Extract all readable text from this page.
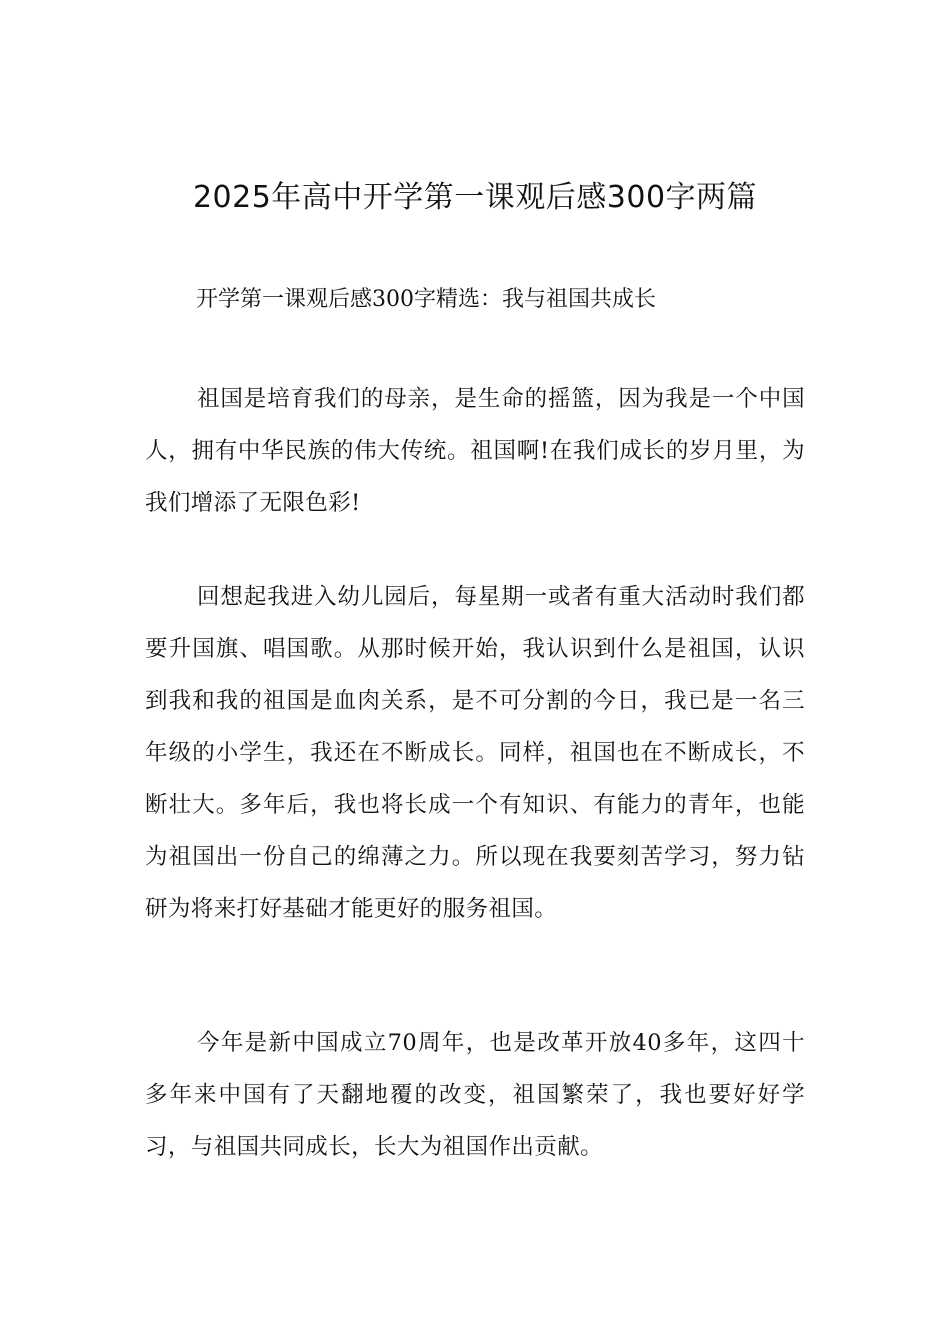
2025年高中开学第一课观后感300字两篇

开学第一课观后感300字精选：我与祖国共成长

祖国是培育我们的母亲，是生命的摇篮，因为我是一个中国人，拥有中华民族的伟大传统。祖国啊!在我们成长的岁月里，为我们增添了无限色彩!

回想起我进入幼儿园后，每星期一或者有重大活动时我们都要升国旗、唱国歌。从那时候开始，我认识到什么是祖国，认识到我和我的祖国是血肉关系，是不可分割的今日，我已是一名三年级的小学生，我还在不断成长。同样，祖国也在不断成长，不断壮大。多年后，我也将长成一个有知识、有能力的青年，也能为祖国出一份自己的绵薄之力。所以现在我要刻苦学习，努力钻研为将来打好基础才能更好的服务祖国。

今年是新中国成立70周年，也是改革开放40多年，这四十多年来中国有了天翻地覆的改变，祖国繁荣了，我也要好好学习，与祖国共同成长，长大为祖国作出贡献。
